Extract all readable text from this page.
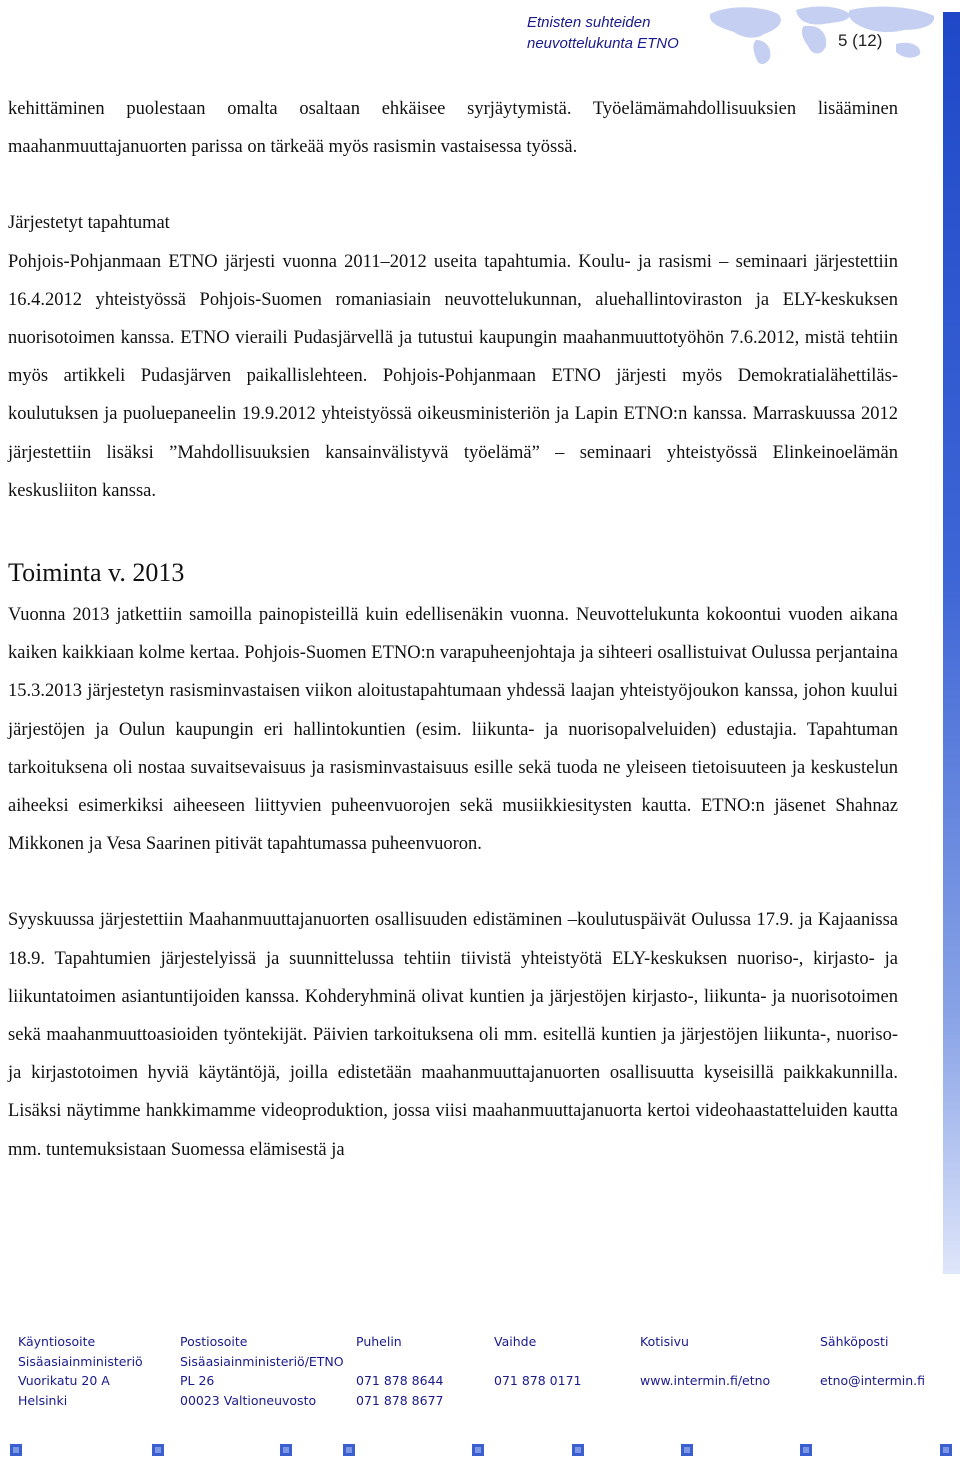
Etnisten suhteiden
neuvottelukunta ETNO	5 (12)

kehittäminen puolestaan omalta osaltaan ehkäisee syrjäytymistä. Työelämämahdollisuuksien lisääminen maahanmuuttajanuorten parissa on tärkeää myös rasismin vastaisessa työssä.

Järjestetyt tapahtumat

Pohjois-Pohjanmaan ETNO järjesti vuonna 2011–2012 useita tapahtumia. Koulu- ja rasismi – seminaari järjestettiin 16.4.2012 yhteistyössä Pohjois-Suomen romaniasiain neuvottelukunnan, aluehallintoviraston ja ELY-keskuksen nuorisotoimen kanssa. ETNO vieraili Pudasjärvellä ja tutustui kaupungin maahanmuuttotyöhön 7.6.2012, mistä tehtiin myös artikkeli Pudasjärven paikallislehteen. Pohjois-Pohjanmaan ETNO järjesti myös Demokratialähettiläs-koulutuksen ja puoluepaneelin 19.9.2012 yhteistyössä oikeusministeriön ja Lapin ETNO:n kanssa. Marraskuussa 2012 järjestettiin lisäksi ”Mahdollisuuksien kansainvälistyvä työelämä” – seminaari yhteistyössä Elinkeinoelämän keskusliiton kanssa.

Toiminta v. 2013

Vuonna 2013 jatkettiin samoilla painopisteillä kuin edellisenäkin vuonna. Neuvottelukunta kokoontui vuoden aikana kaiken kaikkiaan kolme kertaa. Pohjois-Suomen ETNO:n varapuheenjohtaja ja sihteeri osallistuivat Oulussa perjantaina 15.3.2013 järjestetyn rasisminvastaisen viikon aloitustapahtumaan yhdessä laajan yhteistyöjoukon kanssa, johon kuului järjestöjen ja Oulun kaupungin eri hallintokuntien (esim. liikunta- ja nuorisopalveluiden) edustajia. Tapahtuman tarkoituksena oli nostaa suvaitsevaisuus ja rasisminvastaisuus esille sekä tuoda ne yleiseen tietoisuuteen ja keskustelun aiheeksi esimerkiksi aiheeseen liittyvien puheenvuorojen sekä musiikkiesitysten kautta. ETNO:n jäsenet Shahnaz Mikkonen ja Vesa Saarinen pitivät tapahtumassa puheenvuoron.

Syyskuussa järjestettiin Maahanmuuttajanuorten osallisuuden edistäminen –koulutuspäivät Oulussa 17.9. ja Kajaanissa 18.9. Tapahtumien järjestelyissä ja suunnittelussa tehtiin tiivistä yhteistyötä ELY-keskuksen nuoriso-, kirjasto- ja liikuntatoimen asiantuntijoiden kanssa. Kohderyhminä olivat kuntien ja järjestöjen kirjasto-, liikunta- ja nuorisotoimen sekä maahanmuuttoasioiden työntekijät. Päivien tarkoituksena oli mm. esitellä kuntien ja järjestöjen liikunta-, nuoriso- ja kirjastotoimen hyviä käytäntöjä, joilla edistetään maahanmuuttajanuorten osallisuutta kyseisillä paikkakunnilla. Lisäksi näytimme hankkimamme videoproduktion, jossa viisi maahanmuuttajanuorta kertoi videohaastatteluiden kautta mm. tuntemuksistaan Suomessa elämisestä ja

Käyntiosoite
Sisäasiainministeriö
Vuorikatu 20 A
Helsinki
Postiosoite
Sisäasiainministeriö/ETNO
PL 26
00023 Valtioneuvosto
Puhelin
071 878 8644
071 878 8677
Vaihde
071 878 0171
Kotisivu
www.intermin.fi/etno
Sähköposti
etno@intermin.fi
